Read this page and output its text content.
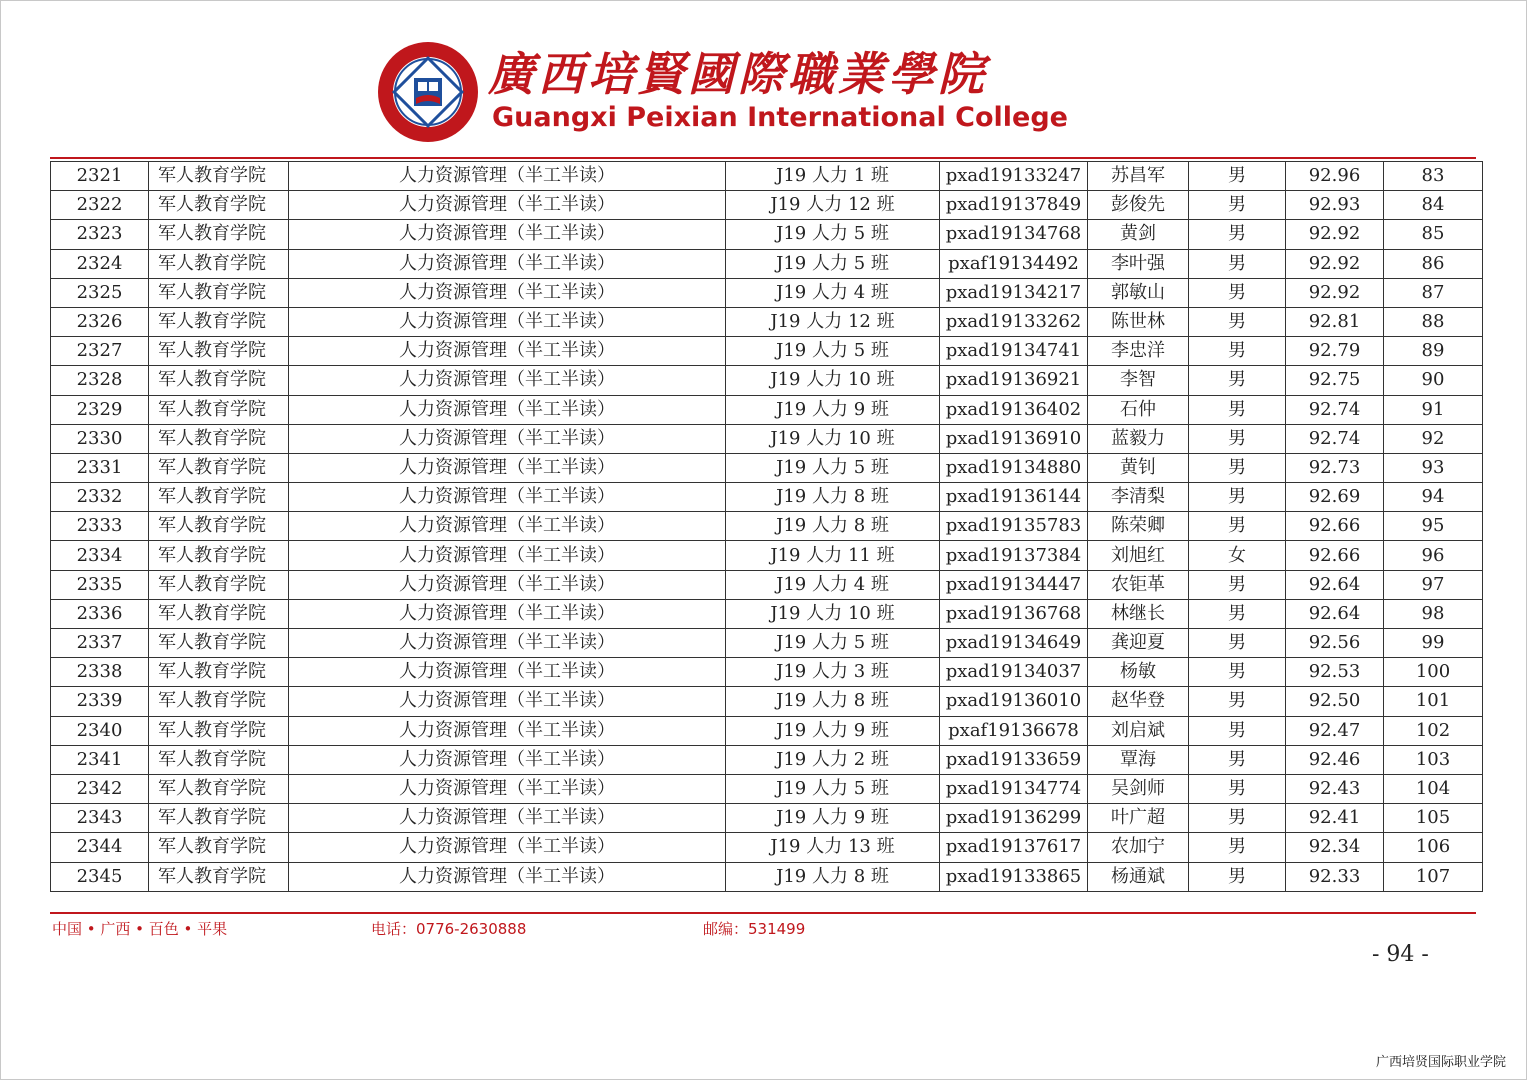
廣西培賢國際職業學院
Guangxi Peixian International College
2321	军人教育学院	人力资源管理（半工半读）	J19 人力 1 班	pxad19133247	苏昌军	男	92.96	83
2322	军人教育学院	人力资源管理（半工半读）	J19 人力 12 班	pxad19137849	彭俊先	男	92.93	84
2323	军人教育学院	人力资源管理（半工半读）	J19 人力 5 班	pxad19134768	黄剑	男	92.92	85
2324	军人教育学院	人力资源管理（半工半读）	J19 人力 5 班	pxaf19134492	李叶强	男	92.92	86
2325	军人教育学院	人力资源管理（半工半读）	J19 人力 4 班	pxad19134217	郭敏山	男	92.92	87
2326	军人教育学院	人力资源管理（半工半读）	J19 人力 12 班	pxad19133262	陈世林	男	92.81	88
2327	军人教育学院	人力资源管理（半工半读）	J19 人力 5 班	pxad19134741	李忠洋	男	92.79	89
2328	军人教育学院	人力资源管理（半工半读）	J19 人力 10 班	pxad19136921	李智	男	92.75	90
2329	军人教育学院	人力资源管理（半工半读）	J19 人力 9 班	pxad19136402	石仲	男	92.74	91
2330	军人教育学院	人力资源管理（半工半读）	J19 人力 10 班	pxad19136910	蓝毅力	男	92.74	92
2331	军人教育学院	人力资源管理（半工半读）	J19 人力 5 班	pxad19134880	黄钊	男	92.73	93
2332	军人教育学院	人力资源管理（半工半读）	J19 人力 8 班	pxad19136144	李清梨	男	92.69	94
2333	军人教育学院	人力资源管理（半工半读）	J19 人力 8 班	pxad19135783	陈荣卿	男	92.66	95
2334	军人教育学院	人力资源管理（半工半读）	J19 人力 11 班	pxad19137384	刘旭红	女	92.66	96
2335	军人教育学院	人力资源管理（半工半读）	J19 人力 4 班	pxad19134447	农钜革	男	92.64	97
2336	军人教育学院	人力资源管理（半工半读）	J19 人力 10 班	pxad19136768	林继长	男	92.64	98
2337	军人教育学院	人力资源管理（半工半读）	J19 人力 5 班	pxad19134649	龚迎夏	男	92.56	99
2338	军人教育学院	人力资源管理（半工半读）	J19 人力 3 班	pxad19134037	杨敏	男	92.53	100
2339	军人教育学院	人力资源管理（半工半读）	J19 人力 8 班	pxad19136010	赵华登	男	92.50	101
2340	军人教育学院	人力资源管理（半工半读）	J19 人力 9 班	pxaf19136678	刘启斌	男	92.47	102
2341	军人教育学院	人力资源管理（半工半读）	J19 人力 2 班	pxad19133659	覃海	男	92.46	103
2342	军人教育学院	人力资源管理（半工半读）	J19 人力 5 班	pxad19134774	吴剑师	男	92.43	104
2343	军人教育学院	人力资源管理（半工半读）	J19 人力 9 班	pxad19136299	叶广超	男	92.41	105
2344	军人教育学院	人力资源管理（半工半读）	J19 人力 13 班	pxad19137617	农加宁	男	92.34	106
2345	军人教育学院	人力资源管理（半工半读）	J19 人力 8 班	pxad19133865	杨通斌	男	92.33	107
中国 • 广西 • 百色 • 平果	电话：0776-2630888	邮编：531499
- 94 -
广西培贤国际职业学院
